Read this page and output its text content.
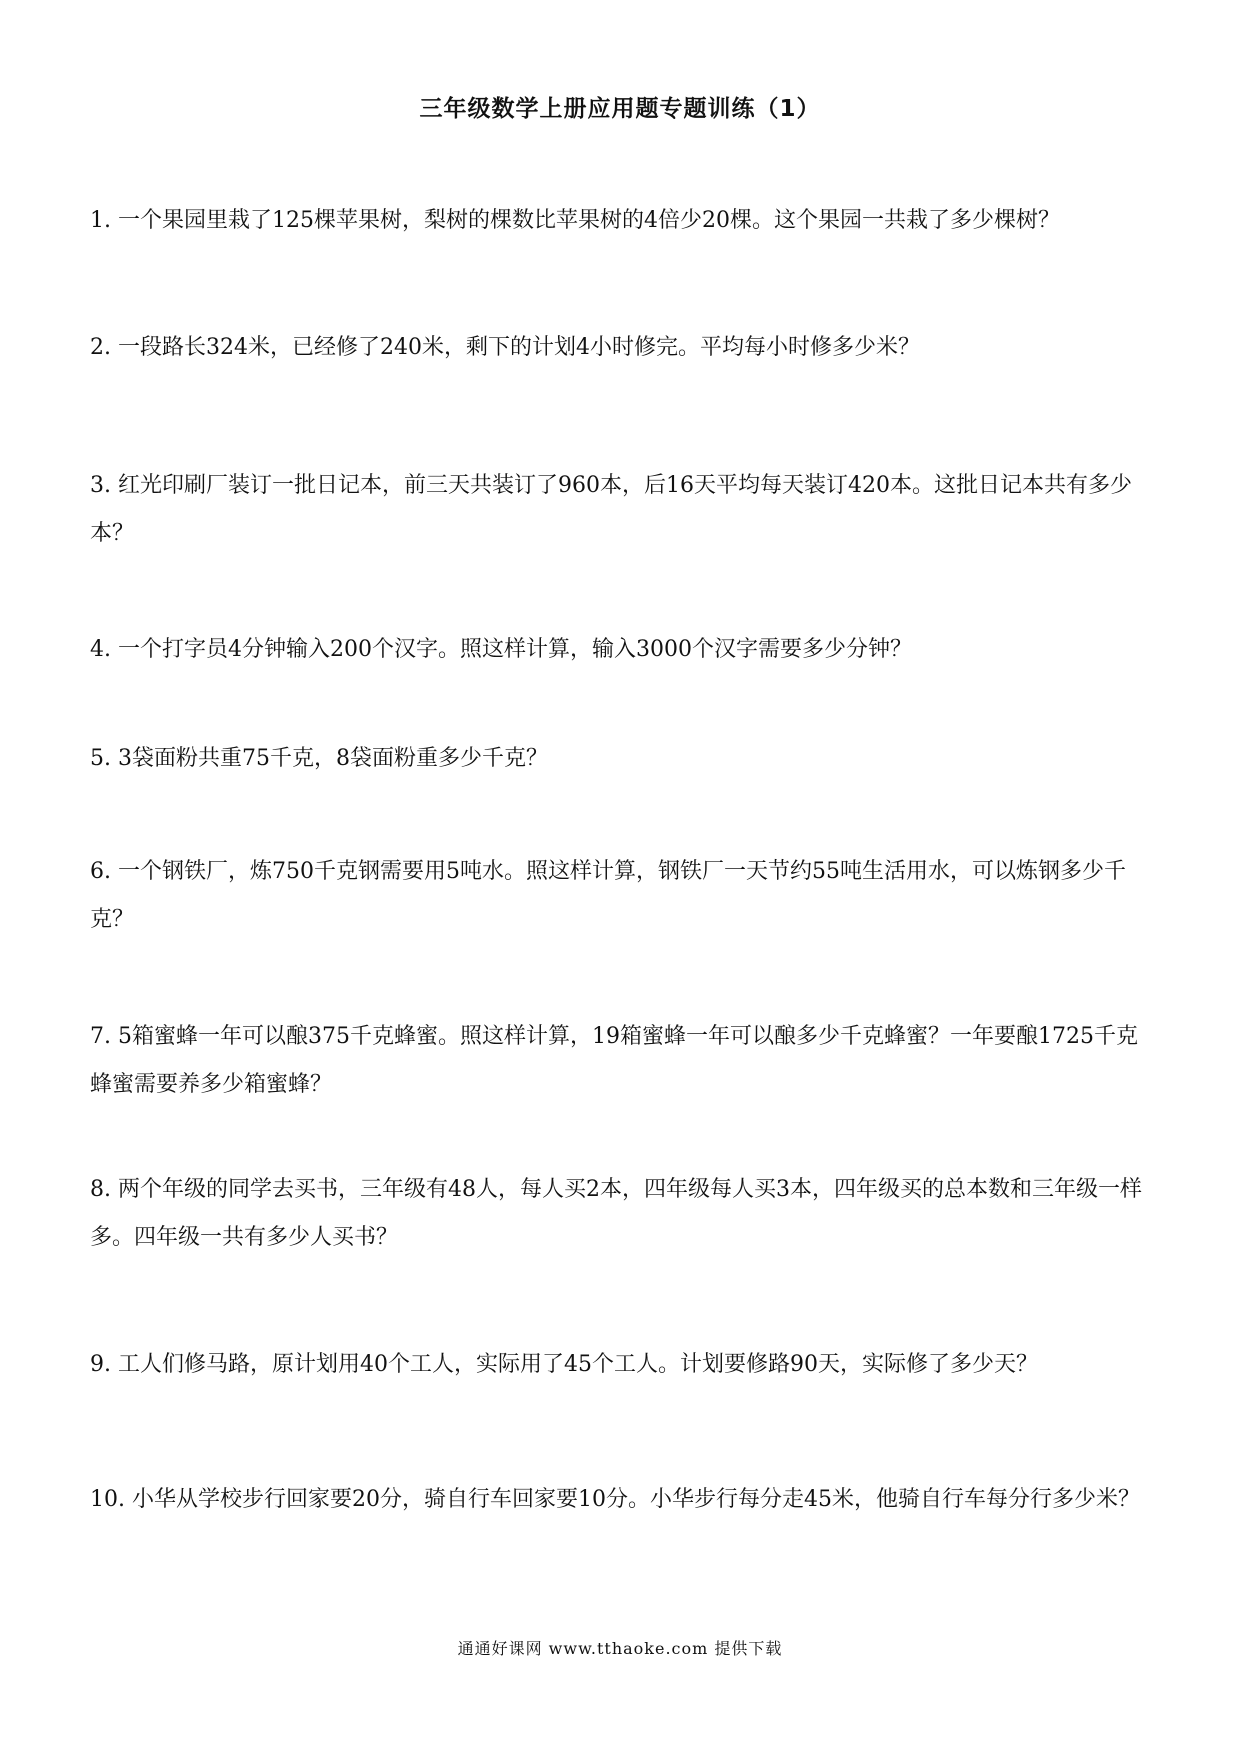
三年级数学上册应用题专题训练（1）
1. 一个果园里栽了125棵苹果树，梨树的棵数比苹果树的4倍少20棵。这个果园一共栽了多少棵树？
2. 一段路长324米，已经修了240米，剩下的计划4小时修完。平均每小时修多少米？
3. 红光印刷厂装订一批日记本，前三天共装订了960本，后16天平均每天装订420本。这批日记本共有多少本？
4. 一个打字员4分钟输入200个汉字。照这样计算，输入3000个汉字需要多少分钟？
5. 3袋面粉共重75千克，8袋面粉重多少千克？
6. 一个钢铁厂，炼750千克钢需要用5吨水。照这样计算，钢铁厂一天节约55吨生活用水，可以炼钢多少千克？
7. 5箱蜜蜂一年可以酿375千克蜂蜜。照这样计算，19箱蜜蜂一年可以酿多少千克蜂蜜？一年要酿1725千克蜂蜜需要养多少箱蜜蜂？
8. 两个年级的同学去买书，三年级有48人，每人买2本，四年级每人买3本，四年级买的总本数和三年级一样多。四年级一共有多少人买书？
9. 工人们修马路，原计划用40个工人，实际用了45个工人。计划要修路90天，实际修了多少天？
10. 小华从学校步行回家要20分，骑自行车回家要10分。小华步行每分走45米，他骑自行车每分行多少米？
通通好课网 www.tthaoke.com 提供下载
